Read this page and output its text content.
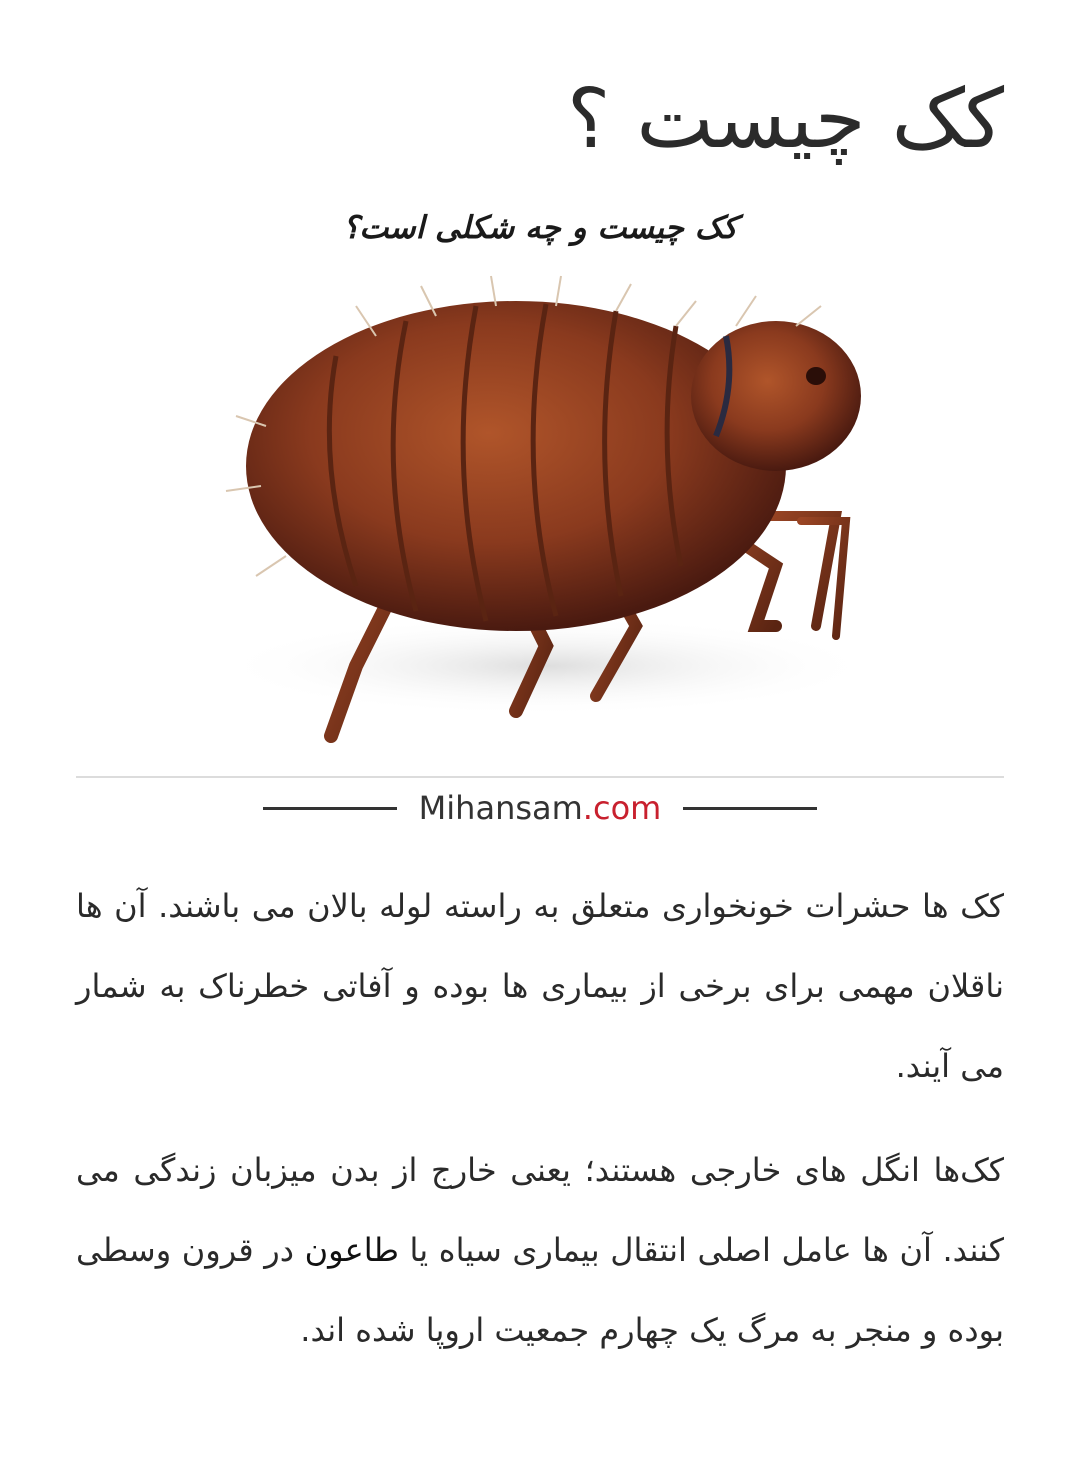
کک چیست ؟
کک چیست و چه شکلی است؟
Mihansam.com

کک ها حشرات خونخواری متعلق به راسته لوله بالان می باشند. آن ها ناقلان مهمی برای برخی از بیماری ها بوده و آفاتی خطرناک به شمار می آیند.

کک‌ها انگل های خارجی هستند؛ یعنی خارج از بدن میزبان زندگی می کنند. آن ها عامل اصلی انتقال بیماری سیاه یا طاعون در قرون وسطی بوده و منجر به مرگ یک چهارم جمعیت اروپا شده اند.
